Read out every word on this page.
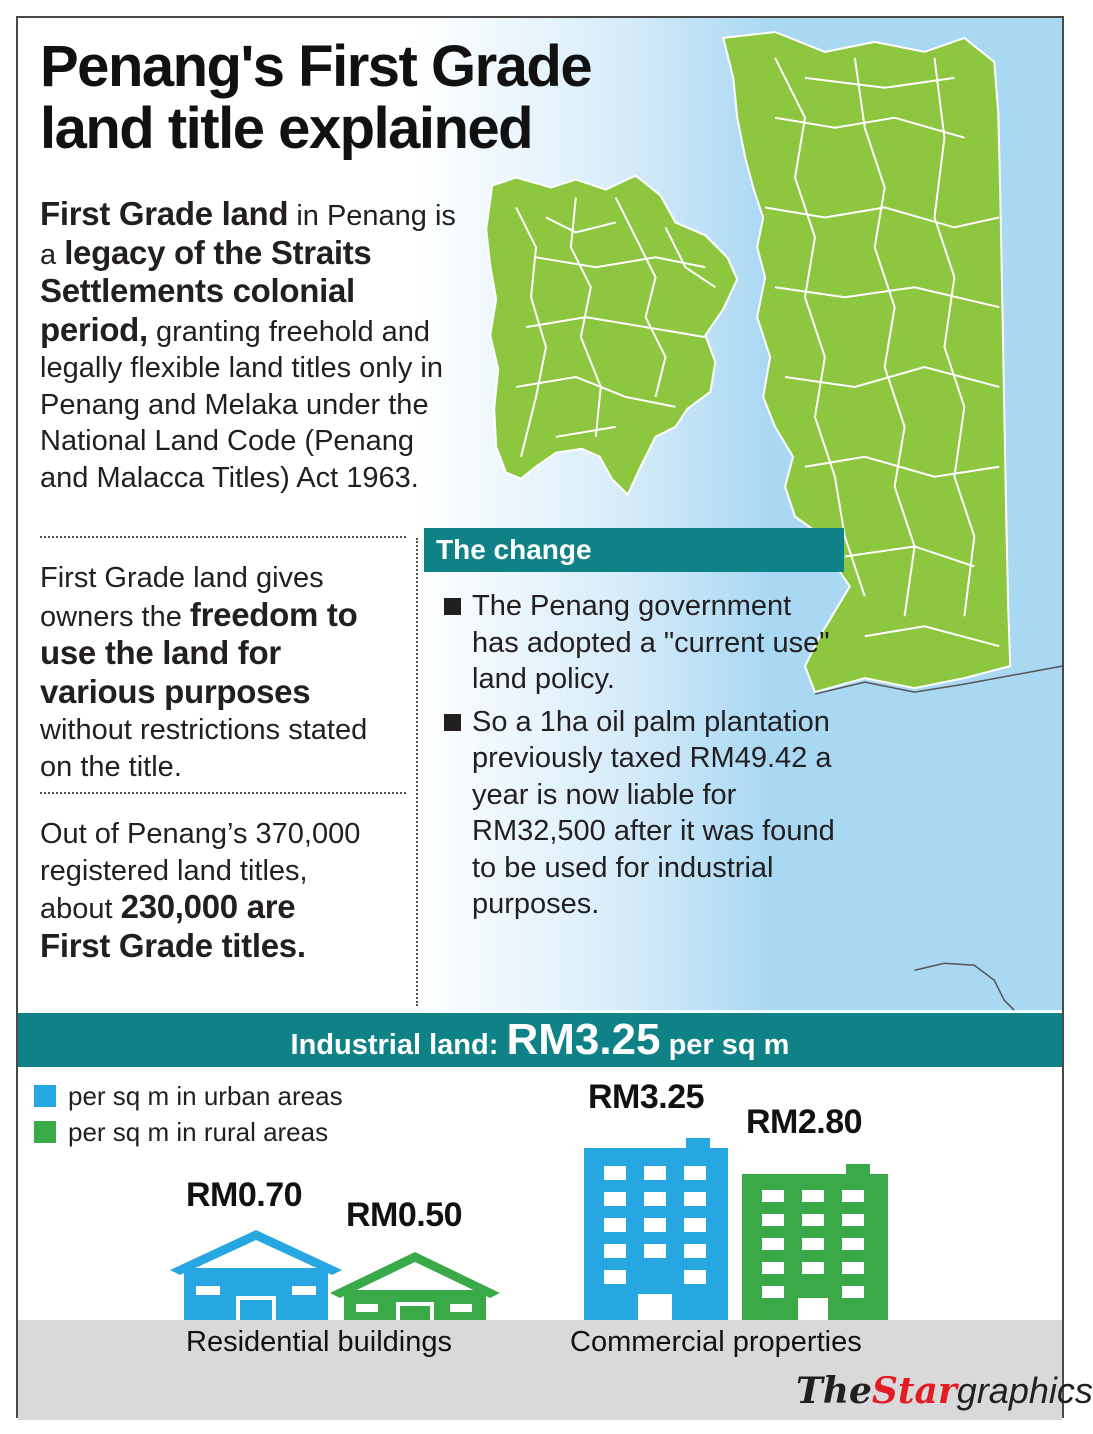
Penang's First Grade land title explained

First Grade land in Penang is a legacy of the Straits Settlements colonial period, granting freehold and legally flexible land titles only in Penang and Melaka under the National Land Code (Penang and Malacca Titles) Act 1963.

First Grade land gives owners the freedom to use the land for various purposes without restrictions stated on the title.

Out of Penang’s 370,000 registered land titles, about 230,000 are First Grade titles.

The change
The Penang government has adopted a "current use" land policy.
So a 1ha oil palm plantation previously taxed RM49.42 a year is now liable for RM32,500 after it was found to be used for industrial purposes.
Industrial land: RM3.25 per sq m
per sq m in urban areas
per sq m in rural areas
RM0.70
RM0.50
RM3.25
RM2.80
Residential buildings	Commercial properties
TheStargraphics
